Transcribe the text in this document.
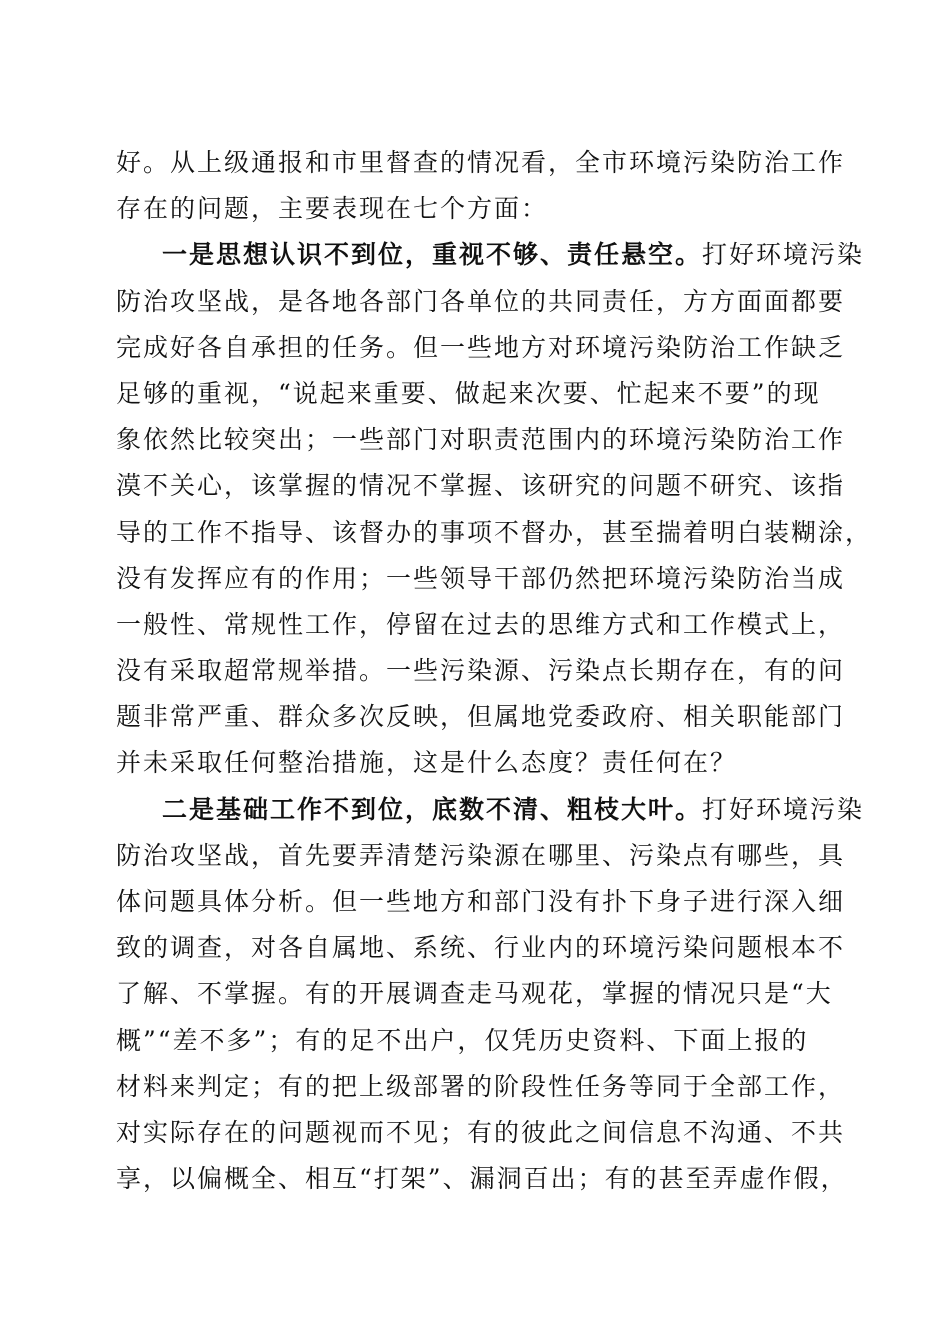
好。从上级通报和市里督查的情况看，全市环境污染防治工作
存在的问题，主要表现在七个方面：
一是思想认识不到位，重视不够、责任悬空。打好环境污染
防治攻坚战，是各地各部门各单位的共同责任，方方面面都要
完成好各自承担的任务。但一些地方对环境污染防治工作缺乏
足够的重视，“说起来重要、做起来次要、忙起来不要”的现
象依然比较突出；一些部门对职责范围内的环境污染防治工作
漠不关心，该掌握的情况不掌握、该研究的问题不研究、该指
导的工作不指导、该督办的事项不督办，甚至揣着明白装糊涂，
没有发挥应有的作用；一些领导干部仍然把环境污染防治当成
一般性、常规性工作，停留在过去的思维方式和工作模式上，
没有采取超常规举措。一些污染源、污染点长期存在，有的问
题非常严重、群众多次反映，但属地党委政府、相关职能部门
并未采取任何整治措施，这是什么态度？责任何在？
二是基础工作不到位，底数不清、粗枝大叶。打好环境污染
防治攻坚战，首先要弄清楚污染源在哪里、污染点有哪些，具
体问题具体分析。但一些地方和部门没有扑下身子进行深入细
致的调查，对各自属地、系统、行业内的环境污染问题根本不
了解、不掌握。有的开展调查走马观花，掌握的情况只是“大
概”“差不多”；有的足不出户，仅凭历史资料、下面上报的
材料来判定；有的把上级部署的阶段性任务等同于全部工作，
对实际存在的问题视而不见；有的彼此之间信息不沟通、不共
享，以偏概全、相互“打架”、漏洞百出；有的甚至弄虚作假，
